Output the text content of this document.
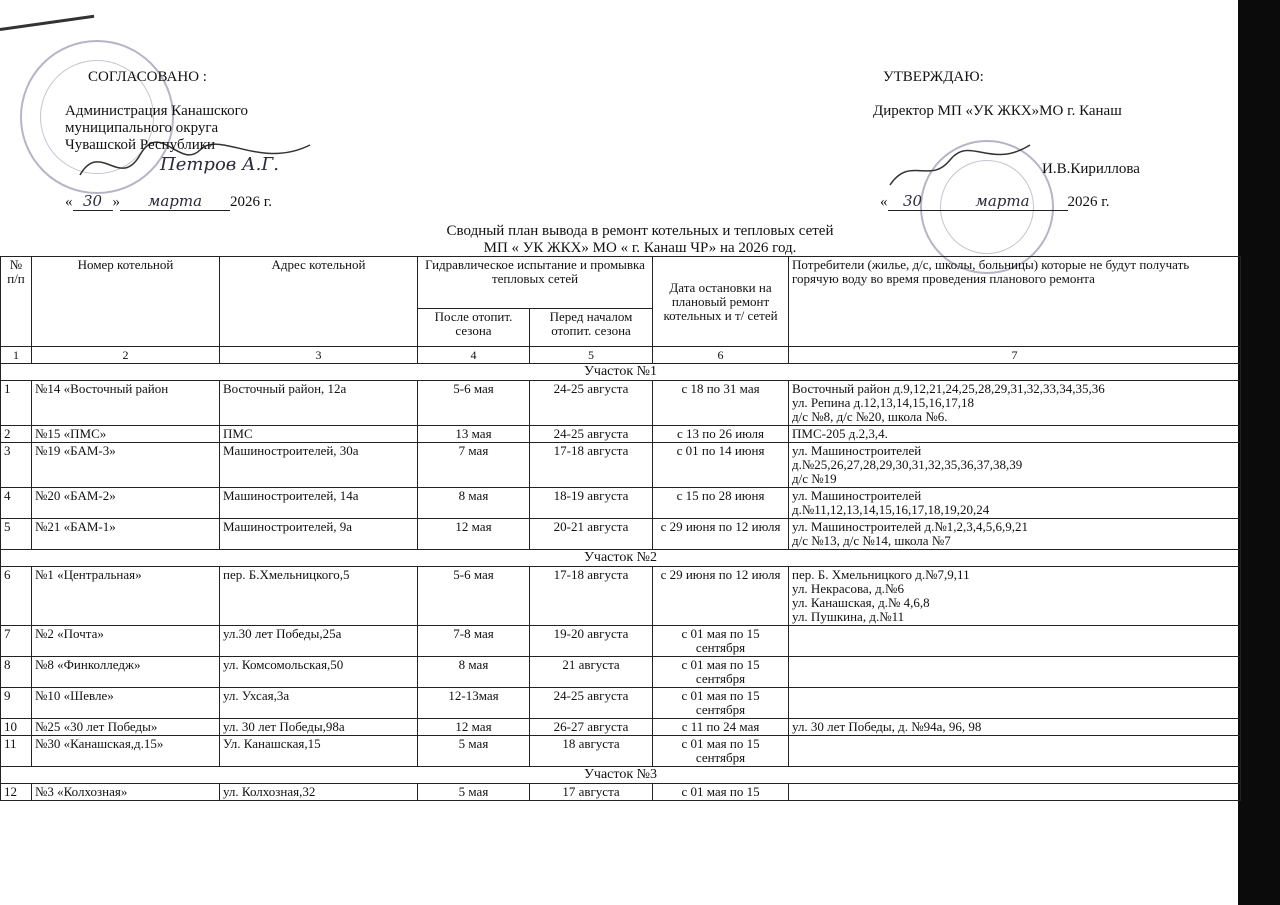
СОГЛАСОВАНО :
Администрация Канашского
муниципального округа
Чувашской Республики
Петров А.Г.
« 30 » марта 2026 г.
УТВЕРЖДАЮ:
Директор МП «УК ЖКХ»МО г. Канаш
И.В.Кириллова
« 30	марта	2026 г.
Сводный план вывода в ремонт котельных и тепловых сетей
МП « УК ЖКХ» МО « г. Канаш ЧР» на 2026 год.
№ п/п	Номер котельной	Адрес котельной	Гидравлическое испытание и промывка тепловых сетей		Дата остановки на плановый ремонт котельных и т/ сетей	Потребители (жилье, д/с, школы, больницы) которые не будут получать горячую воду во время проведения планового ремонта
			После отопит. сезона	Перед началом отопит. сезона		
1	2	3	4	5	6	7
Участок №1						
1	№14 «Восточный район	Восточный район, 12а	5-6 мая	24-25 августа	с 18 по 31 мая	Восточный район д.9,12,21,24,25,28,29,31,32,33,34,35,36
ул. Репина д.12,13,14,15,16,17,18
д/с №8, д/с №20, школа №6.

2	№15 «ПМС»	ПМС	13 мая	24-25 августа	с 13 по 26 июля	ПМС-205 д.2,3,4.

3	№19 «БАМ-3»	Машиностроителей, 30а	7 мая	17-18 августа	с 01 по 14 июня	ул. Машиностроителей
д.№25,26,27,28,29,30,31,32,35,36,37,38,39
д/с №19

4	№20 «БАМ-2»	Машиностроителей, 14а	8 мая	18-19 августа	с 15 по 28 июня	ул. Машиностроителей
д.№11,12,13,14,15,16,17,18,19,20,24

5	№21 «БАМ-1»	Машиностроителей, 9а	12 мая	20-21 августа	с 29 июня по 12 июля	ул. Машиностроителей д.№1,2,3,4,5,6,9,21
д/с №13, д/с №14, школа №7

Участок №2						
6	№1 «Центральная»	пер. Б.Хмельницкого,5	5-6 мая	17-18 августа	с 29 июня по 12 июля	пер. Б. Хмельницкого д.№7,9,11
ул. Некрасова, д.№6
ул. Канашская, д.№ 4,6,8
ул. Пушкина, д.№11

7	№2 «Почта»	ул.30 лет Победы,25а	7-8 мая	19-20 августа	с 01 мая по 15 сентября	
8	№8 «Финколледж»	ул. Комсомольская,50	8 мая	21 августа	с 01 мая по 15 сентября	
9	№10 «Шевле»	ул. Ухсая,3а	12-13мая	24-25 августа	с 01 мая по 15 сентября	
10	№25 «30 лет Победы»	ул. 30 лет Победы,98а	12 мая	26-27 августа	с 11 по 24 мая	ул. 30 лет Победы, д. №94а, 96, 98

11	№30 «Канашская,д.15»	Ул. Канашская,15	5 мая	18 августа	с 01 мая по 15 сентября	
Участок №3						
12	№3 «Колхозная»	ул. Колхозная,32	5 мая	17 августа	с 01 мая по 15	
